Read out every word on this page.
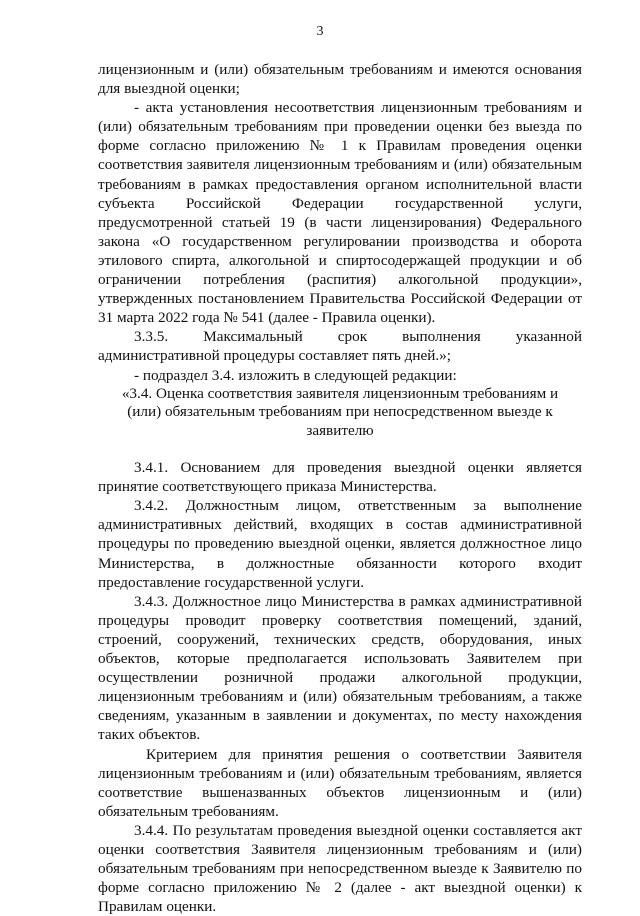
3

лицензионным и (или) обязательным требованиям и имеются основания для выездной оценки;

- акта установления несоответствия лицензионным требованиям и (или) обязательным требованиям при проведении оценки без выезда по форме согласно приложению № 1 к Правилам проведения оценки соответствия заявителя лицензионным требованиям и (или) обязательным требованиям в рамках предоставления органом исполнительной власти субъекта Российской Федерации государственной услуги, предусмотренной статьей 19 (в части лицензирования) Федерального закона «О государственном регулировании производства и оборота этилового спирта, алкогольной и спиртосодержащей продукции и об ограничении потребления (распития) алкогольной продукции», утвержденных постановлением Правительства Российской Федерации от 31 марта 2022 года № 541 (далее - Правила оценки).

3.3.5. Максимальный срок выполнения указанной административной процедуры составляет пять дней.»;

- подраздел 3.4. изложить в следующей редакции:

«3.4. Оценка соответствия заявителя лицензионным требованиям и (или) обязательным требованиям при непосредственном выезде к заявителю

3.4.1. Основанием для проведения выездной оценки является принятие соответствующего приказа Министерства.

3.4.2. Должностным лицом, ответственным за выполнение административных действий, входящих в состав административной процедуры по проведению выездной оценки, является должностное лицо Министерства, в должностные обязанности которого входит предоставление государственной услуги.

3.4.3. Должностное лицо Министерства в рамках административной процедуры проводит проверку соответствия помещений, зданий, строений, сооружений, технических средств, оборудования, иных объектов, которые предполагается использовать Заявителем при осуществлении розничной продажи алкогольной продукции, лицензионным требованиям и (или) обязательным требованиям, а также сведениям, указанным в заявлении и документах, по месту нахождения таких объектов.

Критерием для принятия решения о соответствии Заявителя лицензионным требованиям и (или) обязательным требованиям, является соответствие вышеназванных объектов лицензионным и (или) обязательным требованиям.

3.4.4. По результатам проведения выездной оценки составляется акт оценки соответствия Заявителя лицензионным требованиям и (или) обязательным требованиям при непосредственном выезде к Заявителю по форме согласно приложению № 2 (далее - акт выездной оценки) к Правилам оценки.
